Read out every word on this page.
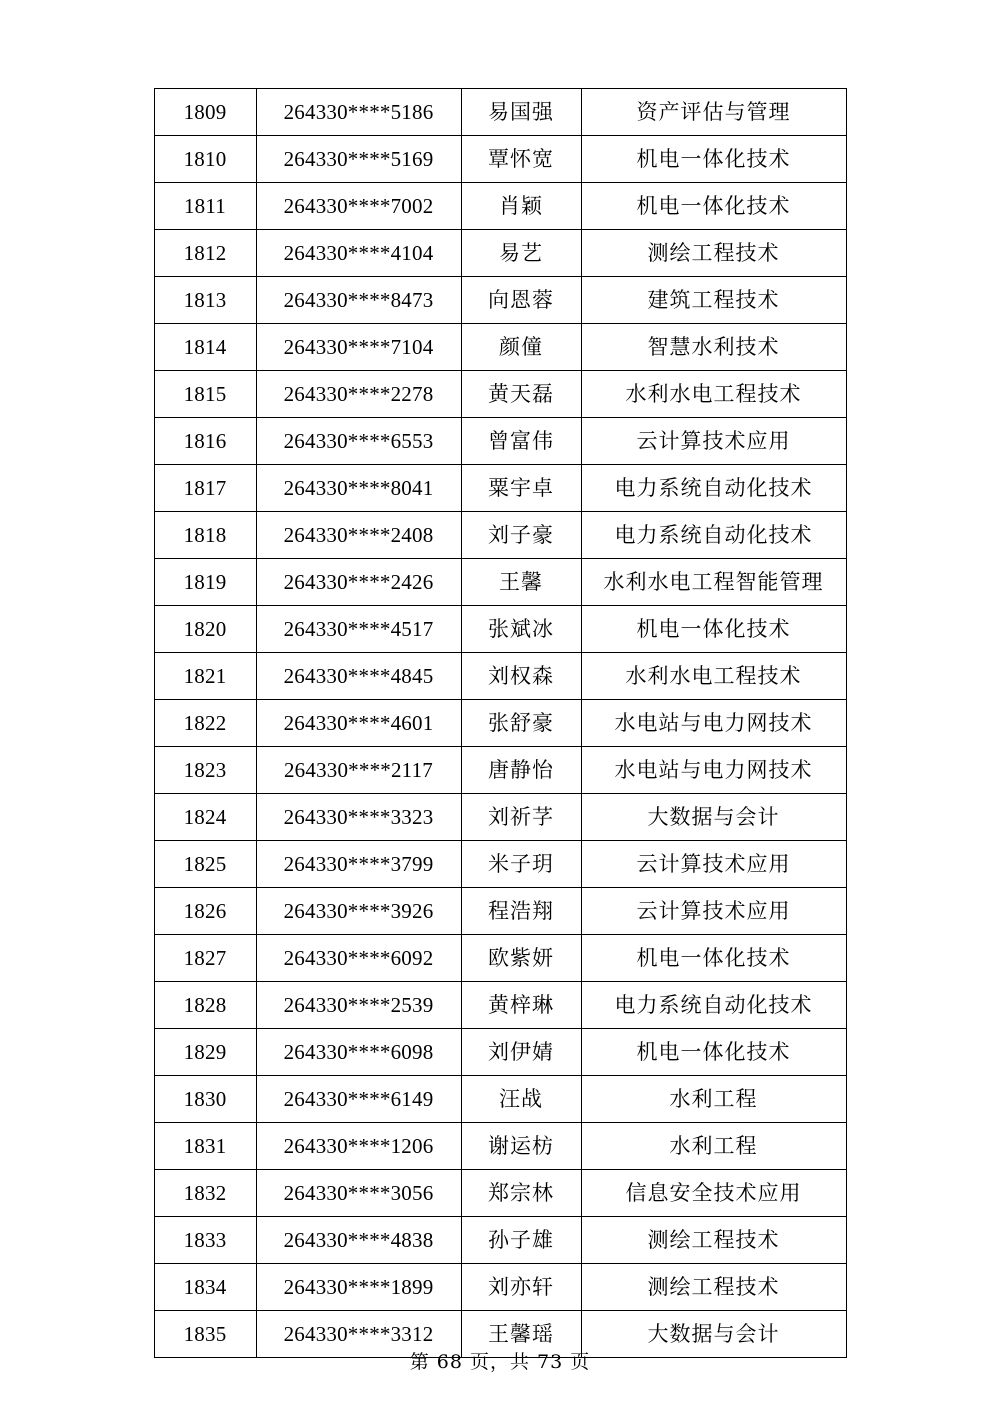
1809	264330****5186	易国强	资产评估与管理
1810	264330****5169	覃怀宽	机电一体化技术
1811	264330****7002	肖颖	机电一体化技术
1812	264330****4104	易艺	测绘工程技术
1813	264330****8473	向恩蓉	建筑工程技术
1814	264330****7104	颜僮	智慧水利技术
1815	264330****2278	黄天磊	水利水电工程技术
1816	264330****6553	曾富伟	云计算技术应用
1817	264330****8041	粟宇卓	电力系统自动化技术
1818	264330****2408	刘子豪	电力系统自动化技术
1819	264330****2426	王馨	水利水电工程智能管理
1820	264330****4517	张斌冰	机电一体化技术
1821	264330****4845	刘权森	水利水电工程技术
1822	264330****4601	张舒豪	水电站与电力网技术
1823	264330****2117	唐静怡	水电站与电力网技术
1824	264330****3323	刘祈芓	大数据与会计
1825	264330****3799	米子玥	云计算技术应用
1826	264330****3926	程浩翔	云计算技术应用
1827	264330****6092	欧紫妍	机电一体化技术
1828	264330****2539	黄梓琳	电力系统自动化技术
1829	264330****6098	刘伊婧	机电一体化技术
1830	264330****6149	汪战	水利工程
1831	264330****1206	谢运枋	水利工程
1832	264330****3056	郑宗林	信息安全技术应用
1833	264330****4838	孙子雄	测绘工程技术
1834	264330****1899	刘亦轩	测绘工程技术
1835	264330****3312	王馨瑶	大数据与会计
第 68 页，共 73 页
